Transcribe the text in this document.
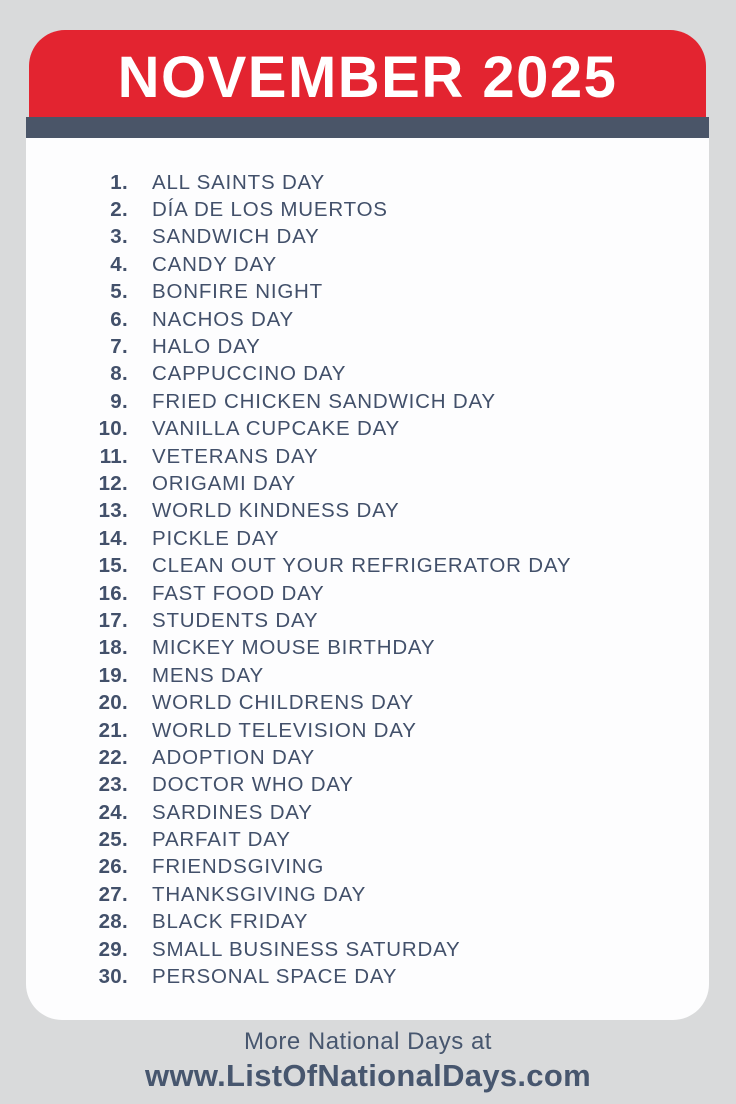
NOVEMBER 2025
1. ALL SAINTS DAY
2. DÍA DE LOS MUERTOS
3. SANDWICH DAY
4. CANDY DAY
5. BONFIRE NIGHT
6. NACHOS DAY
7. HALO DAY
8. CAPPUCCINO DAY
9. FRIED CHICKEN SANDWICH DAY
10. VANILLA CUPCAKE DAY
11. VETERANS DAY
12. ORIGAMI DAY
13. WORLD KINDNESS DAY
14. PICKLE DAY
15. CLEAN OUT YOUR REFRIGERATOR DAY
16. FAST FOOD DAY
17. STUDENTS DAY
18. MICKEY MOUSE BIRTHDAY
19. MENS DAY
20. WORLD CHILDRENS DAY
21. WORLD TELEVISION DAY
22. ADOPTION DAY
23. DOCTOR WHO DAY
24. SARDINES DAY
25. PARFAIT DAY
26. FRIENDSGIVING
27. THANKSGIVING DAY
28. BLACK FRIDAY
29. SMALL BUSINESS SATURDAY
30. PERSONAL SPACE DAY
More National Days at
www.ListOfNationalDays.com
